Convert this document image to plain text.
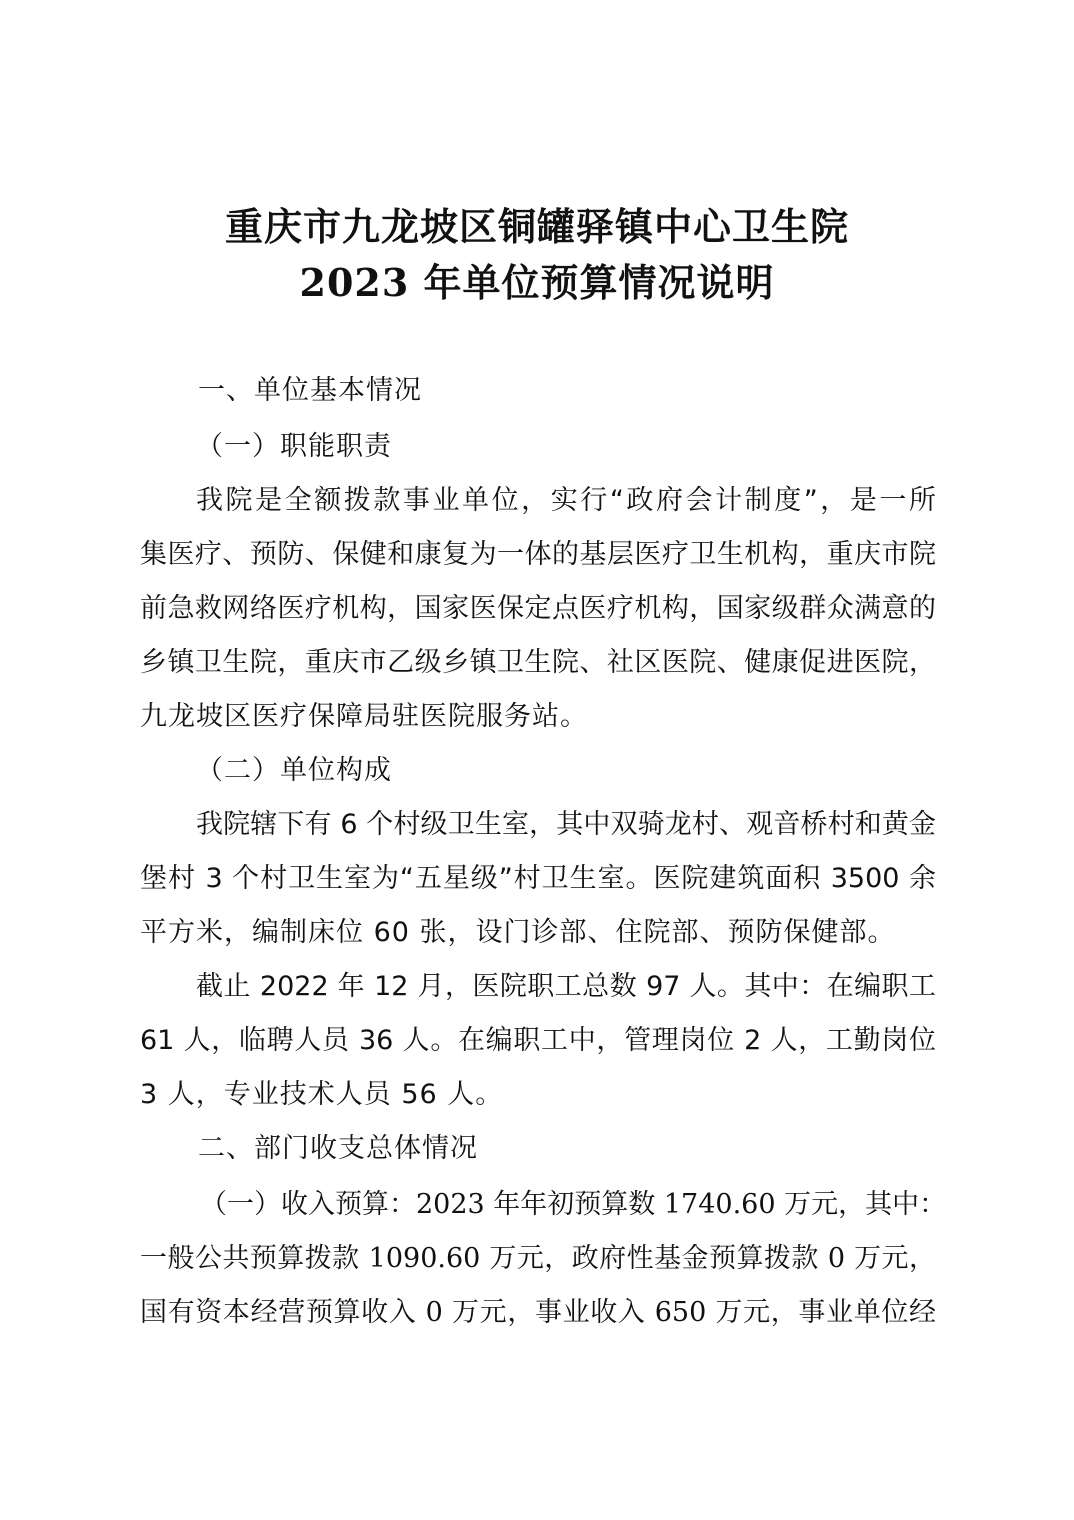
重庆市九龙坡区铜罐驿镇中心卫生院
2023 年单位预算情况说明
一、单位基本情况
（一）职能职责
我院是全额拨款事业单位，实行“政府会计制度”，是一所
集医疗、预防、保健和康复为一体的基层医疗卫生机构，重庆市院
前急救网络医疗机构，国家医保定点医疗机构，国家级群众满意的
乡镇卫生院，重庆市乙级乡镇卫生院、社区医院、健康促进医院，
九龙坡区医疗保障局驻医院服务站。
（二）单位构成
我院辖下有 6 个村级卫生室，其中双骑龙村、观音桥村和黄金
堡村 3 个村卫生室为“五星级”村卫生室。医院建筑面积 3500 余
平方米，编制床位 60 张，设门诊部、住院部、预防保健部。
截止 2022 年 12 月，医院职工总数 97 人。其中：在编职工
61 人，临聘人员 36 人。在编职工中，管理岗位 2 人，工勤岗位
3 人，专业技术人员 56 人。
二、部门收支总体情况
（一）收入预算：2023 年年初预算数 1740.60 万元，其中：
一般公共预算拨款 1090.60 万元，政府性基金预算拨款 0 万元，
国有资本经营预算收入 0 万元，事业收入 650 万元，事业单位经
